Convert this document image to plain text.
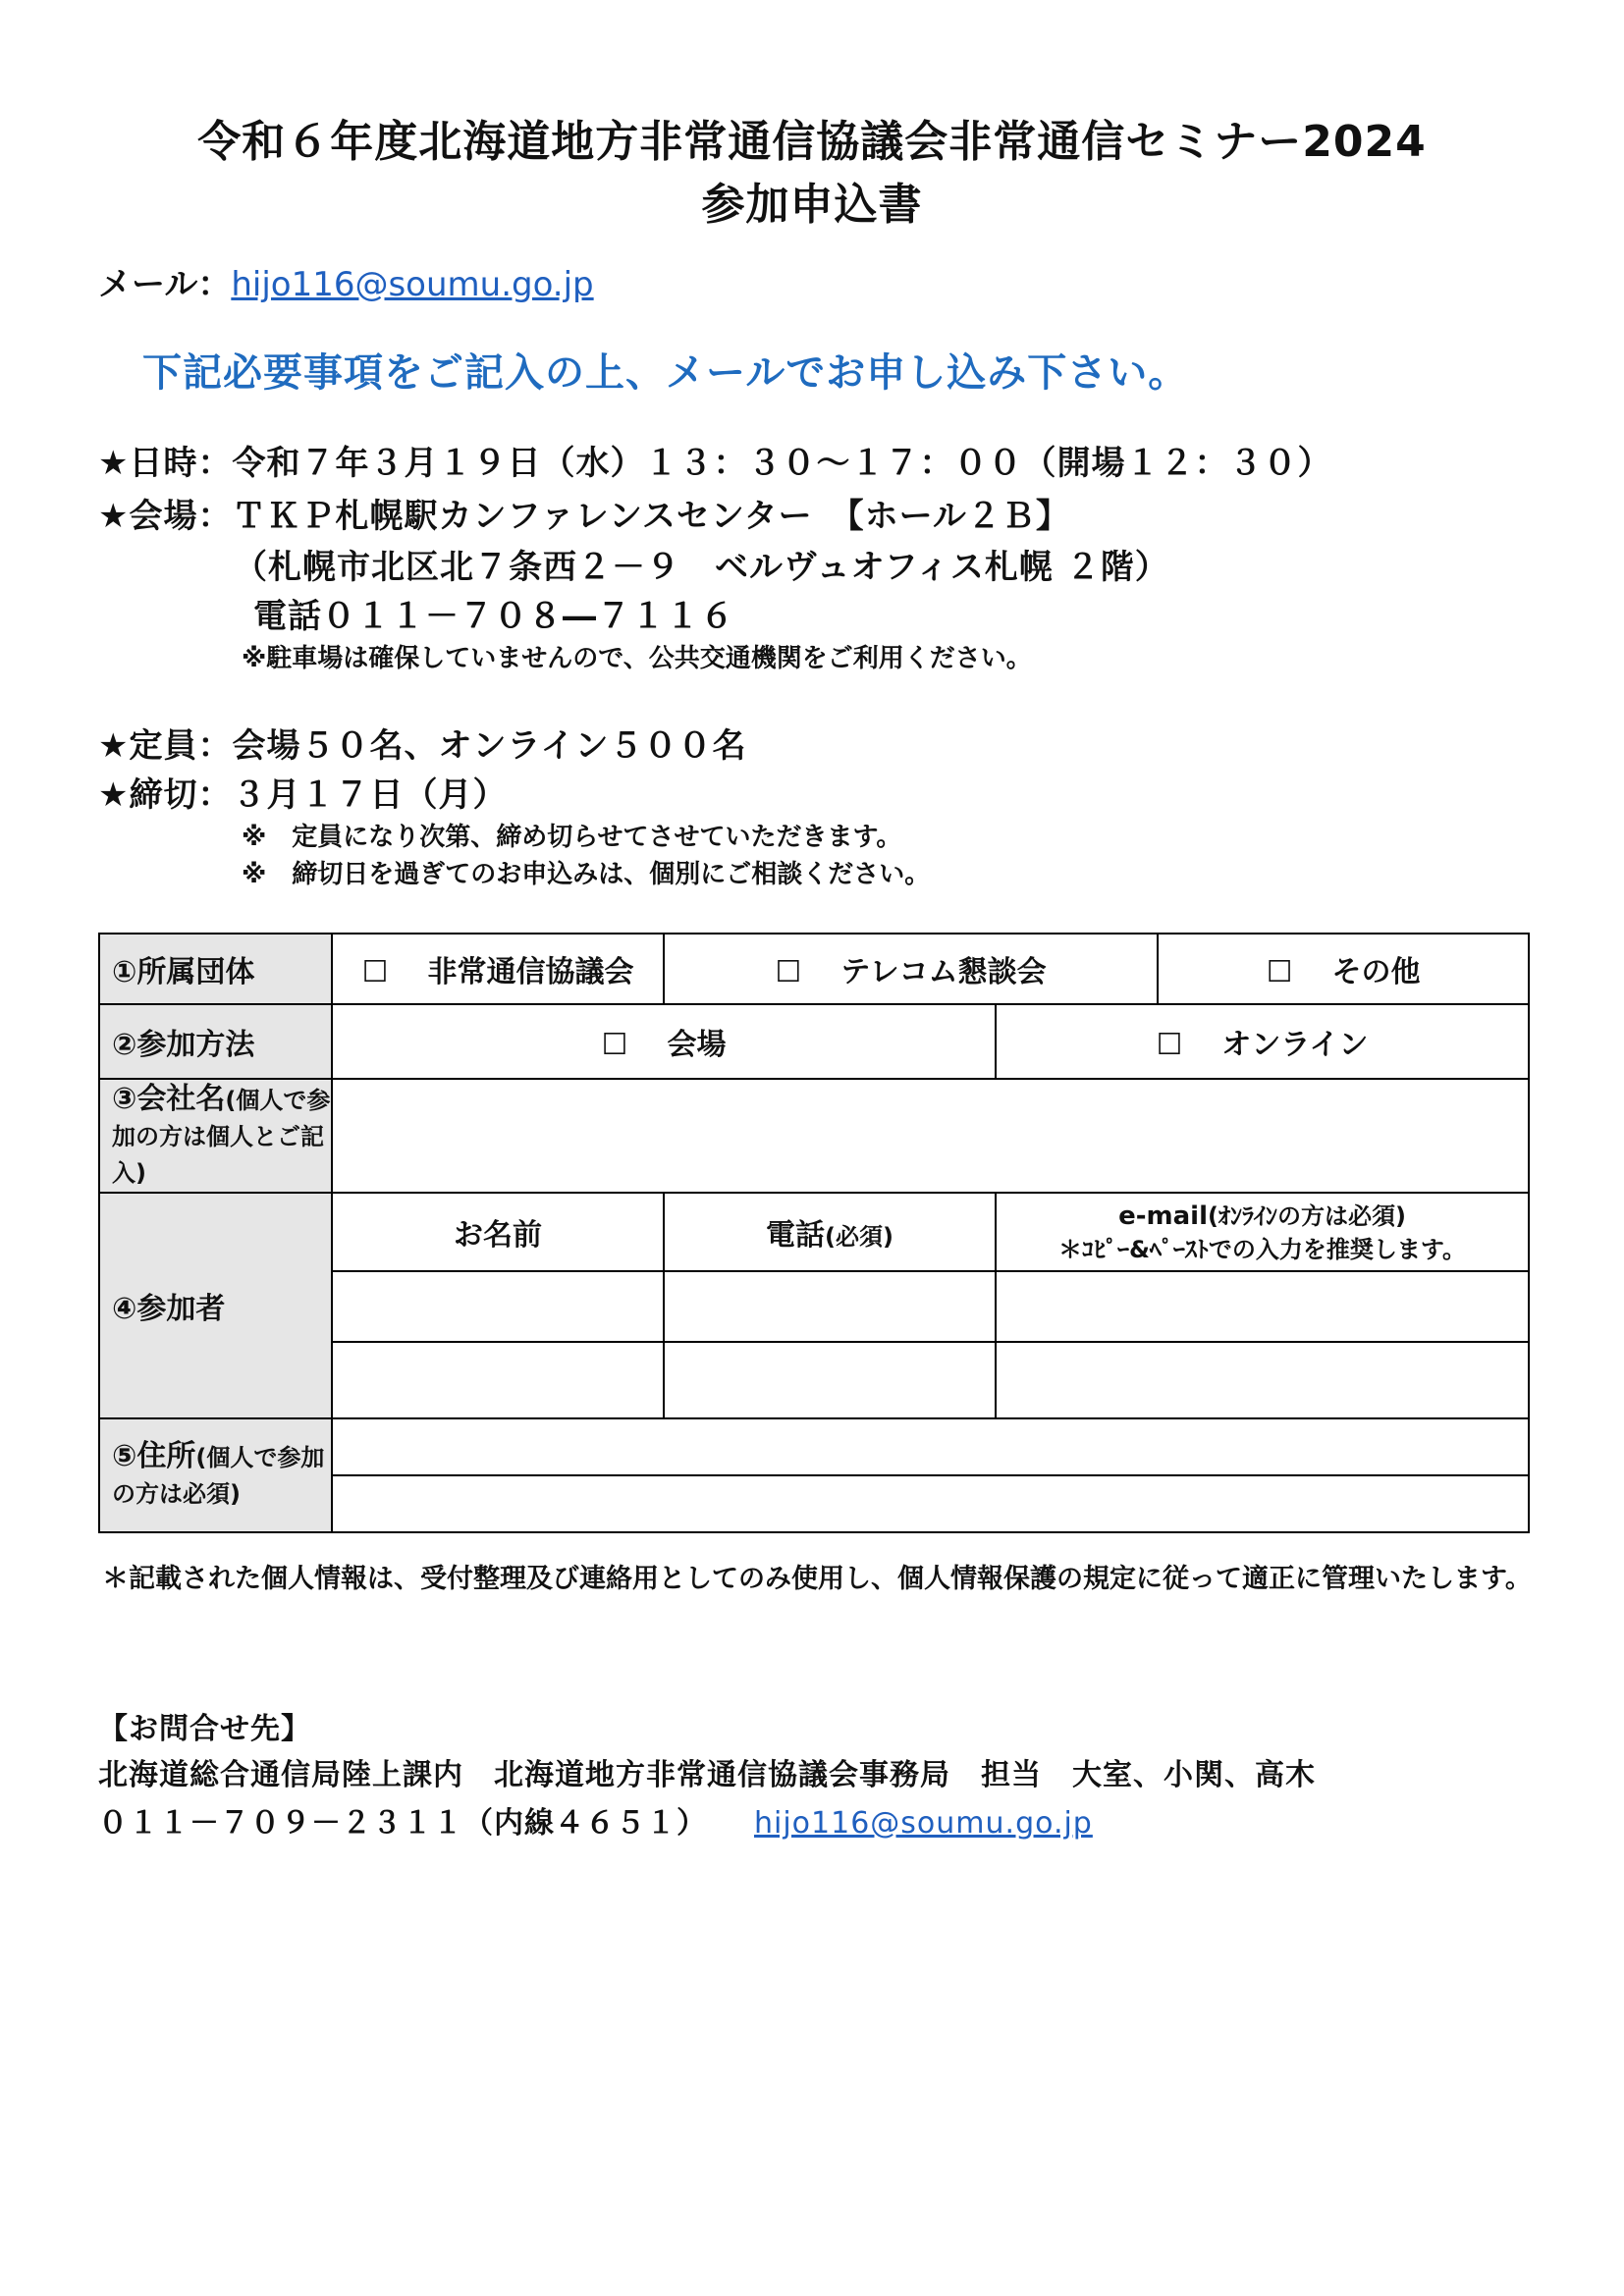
令和６年度北海道地方非常通信協議会非常通信セミナー2024
参加申込書
メール：hijo116@soumu.go.jp
下記必要事項をご記入の上、メールでお申し込み下さい。
★日時：令和７年３月１９日（水）１３：３０～１７：００（開場１２：３０）
★会場：ＴＫＰ札幌駅カンファレンスセンター　【ホール２Ｂ】
（札幌市北区北７条西２－９　ベルヴュオフィス札幌 ２階）
電話０１１－７０８―７１１６
※駐車場は確保していませんので、公共交通機関をご利用ください。
★定員：会場５０名、オンライン５００名
★締切：３月１７日（月）
※　定員になり次第、締め切らせてさせていただきます。
※　締切日を過ぎてのお申込みは、個別にご相談ください。
①所属団体	☐ 非常通信協議会	☐ テレコム懇談会		☐ その他
②参加方法	☐ 会場		☐ オンライン	
③会社名(個人で参加の方は個人とご記入)				
④参加者	お名前	電話(必須)	e-mail(ｵﾝﾗｲﾝの方は必須)
＊ｺﾋﾟｰ&ﾍﾟｰｽﾄでの入力を推奨します。	

⑤住所(個人で参加の方は必須)				

＊記載された個人情報は、受付整理及び連絡用としてのみ使用し、個人情報保護の規定に従って適正に管理いたします。
【お問合せ先】
北海道総合通信局陸上課内　北海道地方非常通信協議会事務局　担当　大室、小関、高木
０１１－７０９－２３１１（内線４６５１） hijo116@soumu.go.jp
